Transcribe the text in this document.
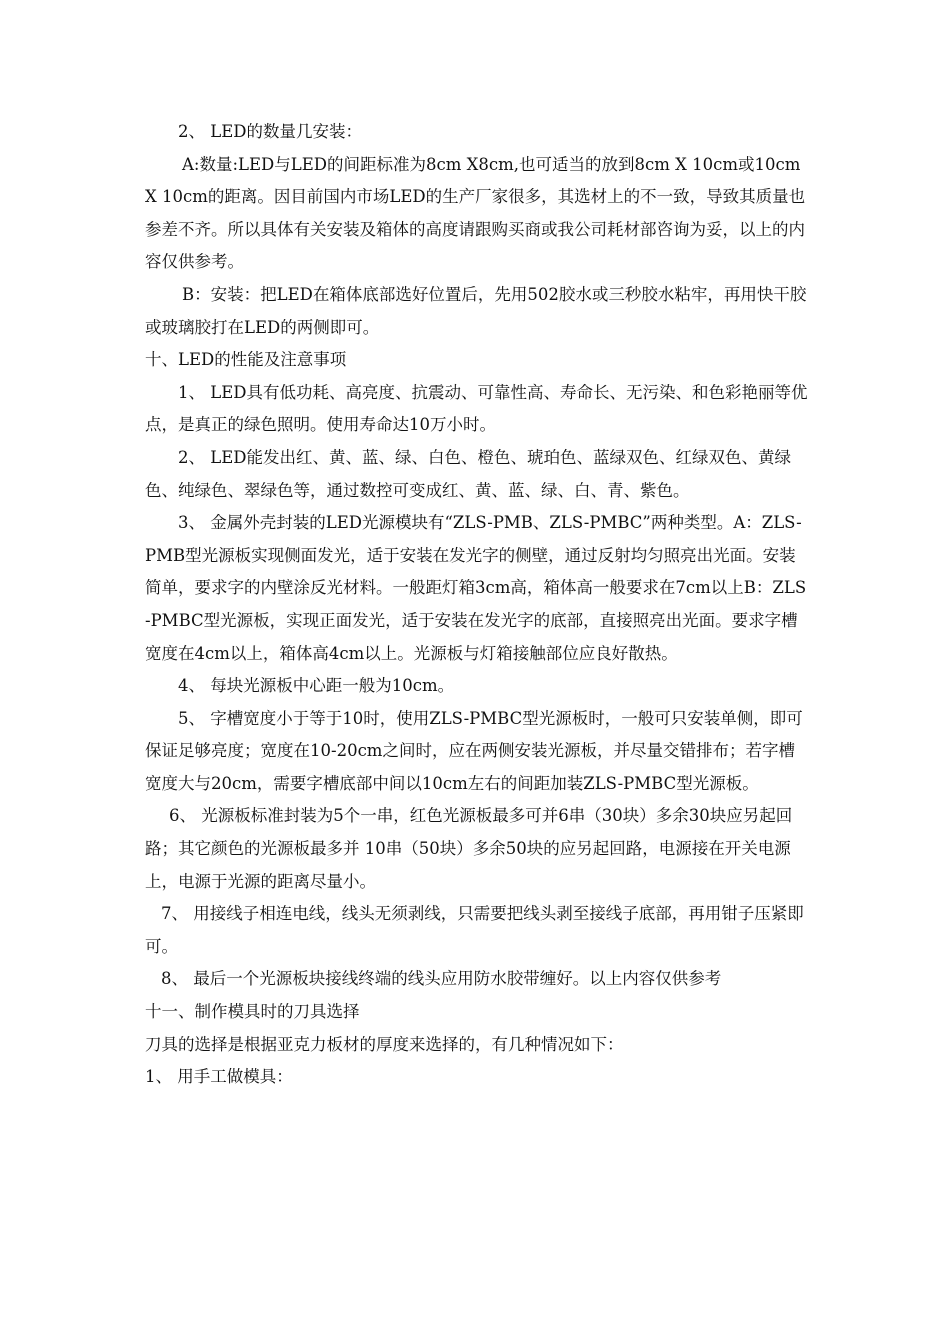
2、 LED的数量几安装：

A:数量:LED与LED的间距标准为8cm X8cm,也可适当的放到8cm X 10cm或10cm X 10cm的距离。因目前国内市场LED的生产厂家很多，其选材上的不一致，导致其质量也参差不齐。所以具体有关安装及箱体的高度请跟购买商或我公司耗材部咨询为妥，以上的内容仅供参考。

B：安装：把LED在箱体底部选好位置后，先用502胶水或三秒胶水粘牢，再用快干胶或玻璃胶打在LED的两侧即可。

十、LED的性能及注意事项

1、 LED具有低功耗、高亮度、抗震动、可靠性高、寿命长、无污染、和色彩艳丽等优点，是真正的绿色照明。使用寿命达10万小时。

2、 LED能发出红、黄、蓝、绿、白色、橙色、琥珀色、蓝绿双色、红绿双色、黄绿色、纯绿色、翠绿色等，通过数控可变成红、黄、蓝、绿、白、青、紫色。

3、 金属外壳封装的LED光源模块有“ZLS-PMB、ZLS-PMBC”两种类型。A：ZLS-PMB型光源板实现侧面发光，适于安装在发光字的侧壁，通过反射均匀照亮出光面。安装简单，要求字的内壁涂反光材料。一般距灯箱3cm高，箱体高一般要求在7cm以上B：ZLS-PMBC型光源板，实现正面发光，适于安装在发光字的底部，直接照亮出光面。要求字槽宽度在4cm以上，箱体高4cm以上。光源板与灯箱接触部位应良好散热。

4、 每块光源板中心距一般为10cm。

5、 字槽宽度小于等于10时，使用ZLS-PMBC型光源板时，一般可只安装单侧，即可保证足够亮度；宽度在10-20cm之间时，应在两侧安装光源板，并尽量交错排布；若字槽宽度大与20cm，需要字槽底部中间以10cm左右的间距加装ZLS-PMBC型光源板。

6、 光源板标准封装为5个一串，红色光源板最多可并6串（30块）多余30块应另起回路；其它颜色的光源板最多并 10串（50块）多余50块的应另起回路，电源接在开关电源上，电源于光源的距离尽量小。

7、 用接线子相连电线，线头无须剥线，只需要把线头剥至接线子底部，再用钳子压紧即可。

8、 最后一个光源板块接线终端的线头应用防水胶带缠好。以上内容仅供参考

十一、制作模具时的刀具选择

刀具的选择是根据亚克力板材的厚度来选择的，有几种情况如下：

1、 用手工做模具：
